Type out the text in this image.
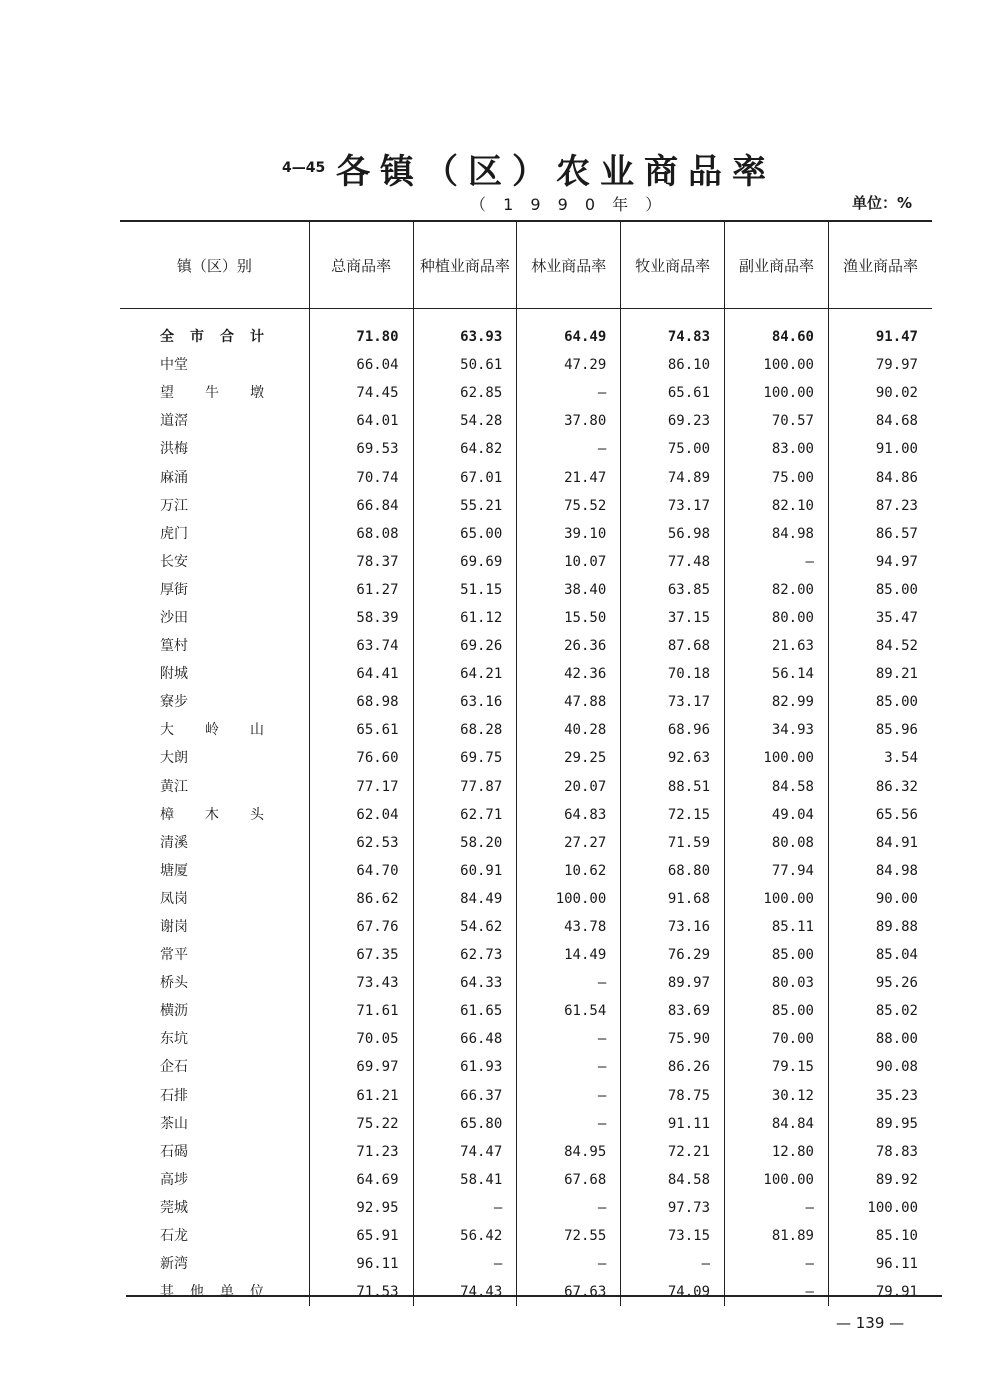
4—45 各镇（区）农业商品率
（ 1 9 9 0 年 ）	单位：%
镇（区）别	总商品率	种植业商品率	林业商品率	牧业商品率	副业商品率	渔业商品率

全 市 合 计	71.80	63.93	64.49	74.83	84.60	91.47

中堂	66.04	50.61	47.29	86.10	100.00	79.97

望 牛 墩	74.45	62.85	—	65.61	100.00	90.02

道滘	64.01	54.28	37.80	69.23	70.57	84.68

洪梅	69.53	64.82	—	75.00	83.00	91.00

麻涌	70.74	67.01	21.47	74.89	75.00	84.86

万江	66.84	55.21	75.52	73.17	82.10	87.23

虎门	68.08	65.00	39.10	56.98	84.98	86.57

长安	78.37	69.69	10.07	77.48	—	94.97

厚街	61.27	51.15	38.40	63.85	82.00	85.00

沙田	58.39	61.12	15.50	37.15	80.00	35.47

篁村	63.74	69.26	26.36	87.68	21.63	84.52

附城	64.41	64.21	42.36	70.18	56.14	89.21

寮步	68.98	63.16	47.88	73.17	82.99	85.00

大 岭 山	65.61	68.28	40.28	68.96	34.93	85.96

大朗	76.60	69.75	29.25	92.63	100.00	3.54

黄江	77.17	77.87	20.07	88.51	84.58	86.32

樟 木 头	62.04	62.71	64.83	72.15	49.04	65.56

清溪	62.53	58.20	27.27	71.59	80.08	84.91

塘厦	64.70	60.91	10.62	68.80	77.94	84.98

凤岗	86.62	84.49	100.00	91.68	100.00	90.00

谢岗	67.76	54.62	43.78	73.16	85.11	89.88

常平	67.35	62.73	14.49	76.29	85.00	85.04

桥头	73.43	64.33	—	89.97	80.03	95.26

横沥	71.61	61.65	61.54	83.69	85.00	85.02

东坑	70.05	66.48	—	75.90	70.00	88.00

企石	69.97	61.93	—	86.26	79.15	90.08

石排	61.21	66.37	—	78.75	30.12	35.23

茶山	75.22	65.80	—	91.11	84.84	89.95

石碣	71.23	74.47	84.95	72.21	12.80	78.83

高埗	64.69	58.41	67.68	84.58	100.00	89.92

莞城	92.95	—	—	97.73	—	100.00

石龙	65.91	56.42	72.55	73.15	81.89	85.10

新湾	96.11	—	—	—	—	96.11

其 他 单 位	71.53	74.43	67.63	74.09	—	79.91
— 139 —
